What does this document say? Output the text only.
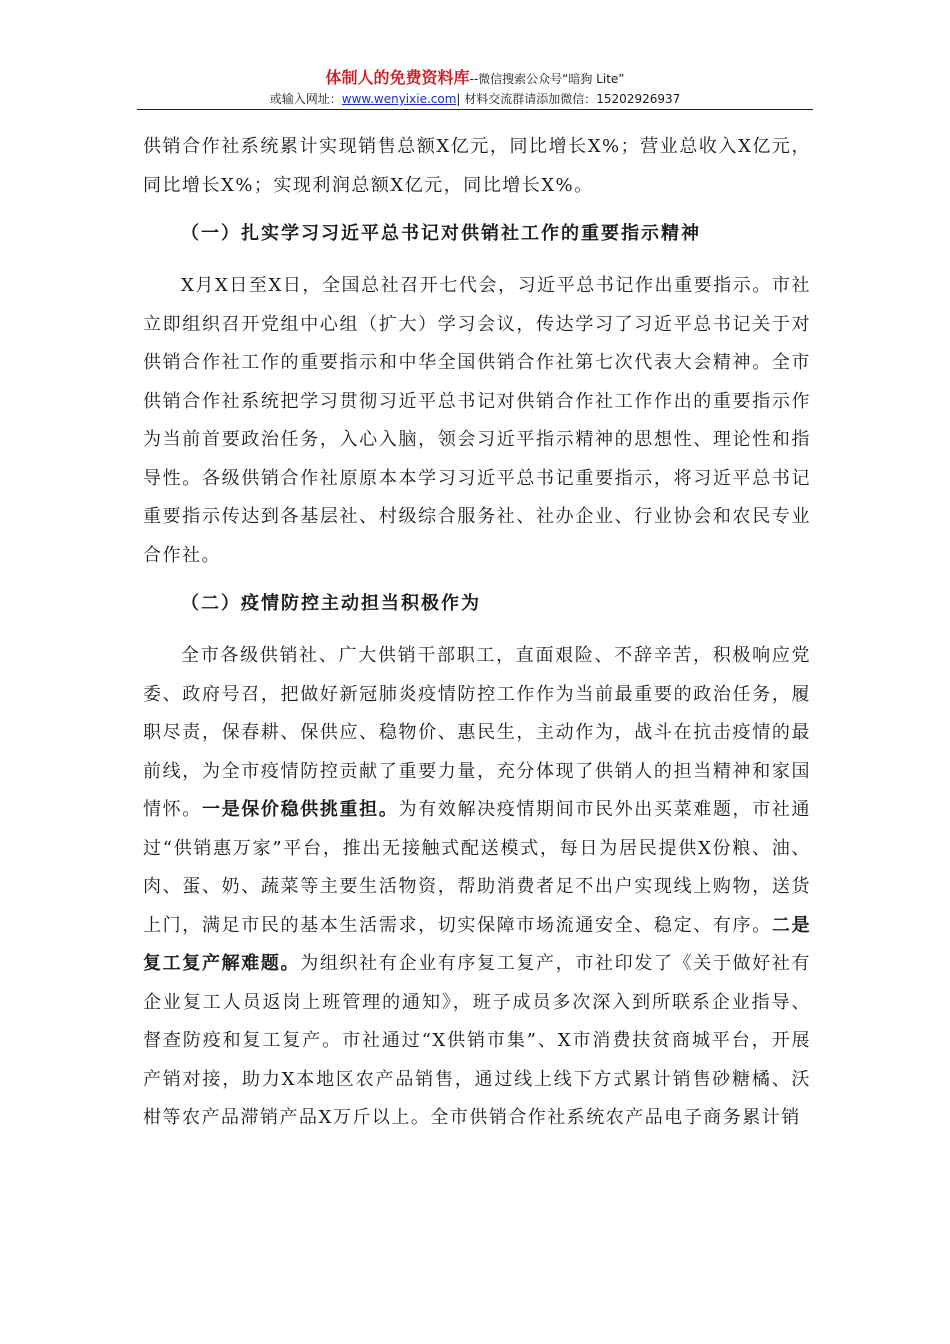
体制人的免费资料库--微信搜索公众号“暗狗 Lite”
或输入网址：www.wenyixie.com| 材料交流群请添加微信：15202926937

供销合作社系统累计实现销售总额X亿元，同比增长X%；营业总收入X亿元，同比增长X%；实现利润总额X亿元，同比增长X%。

（一）扎实学习习近平总书记对供销社工作的重要指示精神

X月X日至X日，全国总社召开七代会，习近平总书记作出重要指示。市社立即组织召开党组中心组（扩大）学习会议，传达学习了习近平总书记关于对供销合作社工作的重要指示和中华全国供销合作社第七次代表大会精神。全市供销合作社系统把学习贯彻习近平总书记对供销合作社工作作出的重要指示作为当前首要政治任务，入心入脑，领会习近平指示精神的思想性、理论性和指导性。各级供销合作社原原本本学习习近平总书记重要指示，将习近平总书记重要指示传达到各基层社、村级综合服务社、社办企业、行业协会和农民专业合作社。

（二）疫情防控主动担当积极作为

全市各级供销社、广大供销干部职工，直面艰险、不辞辛苦，积极响应党委、政府号召，把做好新冠肺炎疫情防控工作作为当前最重要的政治任务，履职尽责，保春耕、保供应、稳物价、惠民生，主动作为，战斗在抗击疫情的最前线，为全市疫情防控贡献了重要力量，充分体现了供销人的担当精神和家国情怀。一是保价稳供挑重担。为有效解决疫情期间市民外出买菜难题，市社通过“供销惠万家”平台，推出无接触式配送模式，每日为居民提供X份粮、油、肉、蛋、奶、蔬菜等主要生活物资，帮助消费者足不出户实现线上购物，送货上门，满足市民的基本生活需求，切实保障市场流通安全、稳定、有序。二是复工复产解难题。为组织社有企业有序复工复产，市社印发了《关于做好社有企业复工人员返岗上班管理的通知》，班子成员多次深入到所联系企业指导、督查防疫和复工复产。市社通过“X供销市集”、X市消费扶贫商城平台，开展产销对接，助力X本地区农产品销售，通过线上线下方式累计销售砂糖橘、沃柑等农产品滞销产品X万斤以上。全市供销合作社系统农产品电子商务累计销
